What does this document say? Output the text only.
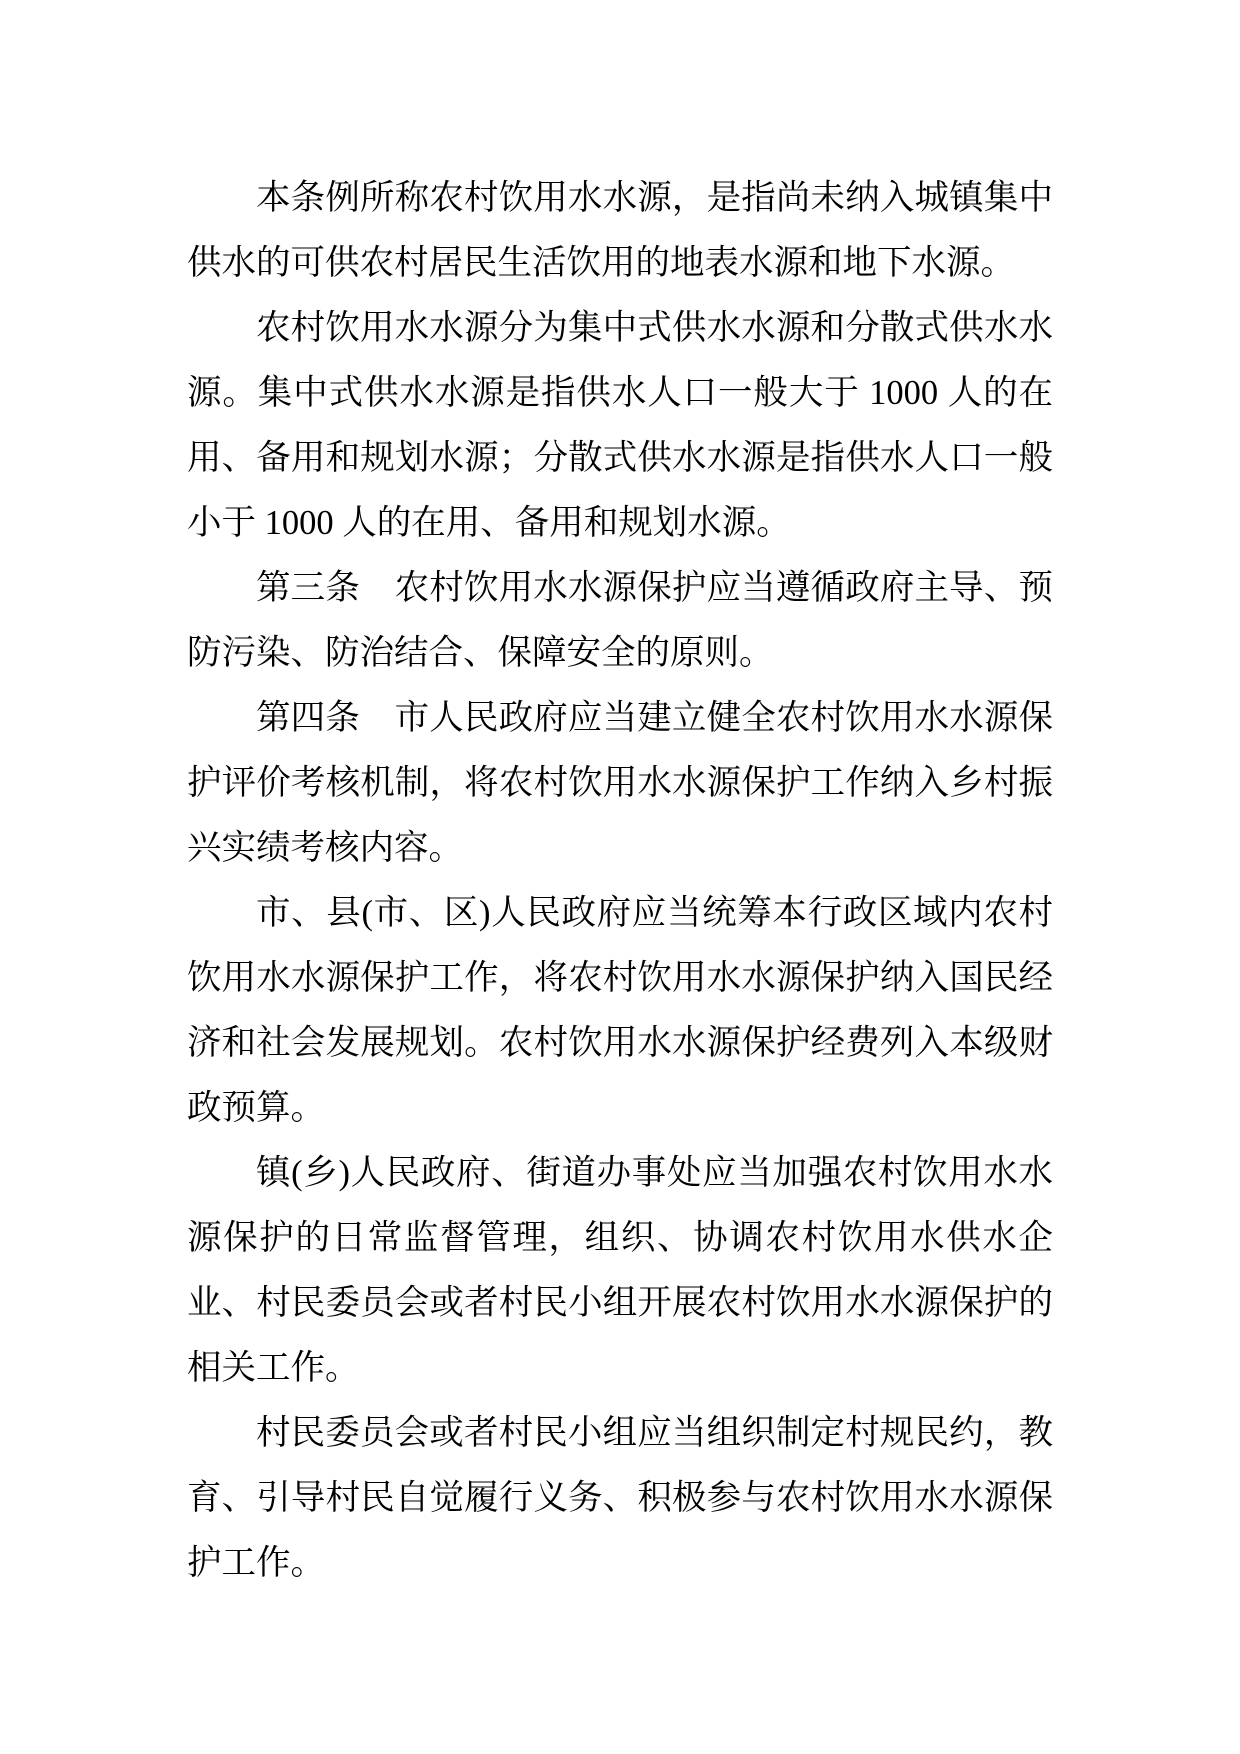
本条例所称农村饮用水水源，是指尚未纳入城镇集中供水的可供农村居民生活饮用的地表水源和地下水源。

农村饮用水水源分为集中式供水水源和分散式供水水源。集中式供水水源是指供水人口一般大于 1000 人的在用、备用和规划水源；分散式供水水源是指供水人口一般小于 1000 人的在用、备用和规划水源。

第三条　农村饮用水水源保护应当遵循政府主导、预防污染、防治结合、保障安全的原则。

第四条　市人民政府应当建立健全农村饮用水水源保护评价考核机制，将农村饮用水水源保护工作纳入乡村振兴实绩考核内容。

市、县(市、区)人民政府应当统筹本行政区域内农村饮用水水源保护工作，将农村饮用水水源保护纳入国民经济和社会发展规划。农村饮用水水源保护经费列入本级财政预算。

镇(乡)人民政府、街道办事处应当加强农村饮用水水源保护的日常监督管理，组织、协调农村饮用水供水企业、村民委员会或者村民小组开展农村饮用水水源保护的相关工作。

村民委员会或者村民小组应当组织制定村规民约，教育、引导村民自觉履行义务、积极参与农村饮用水水源保护工作。
